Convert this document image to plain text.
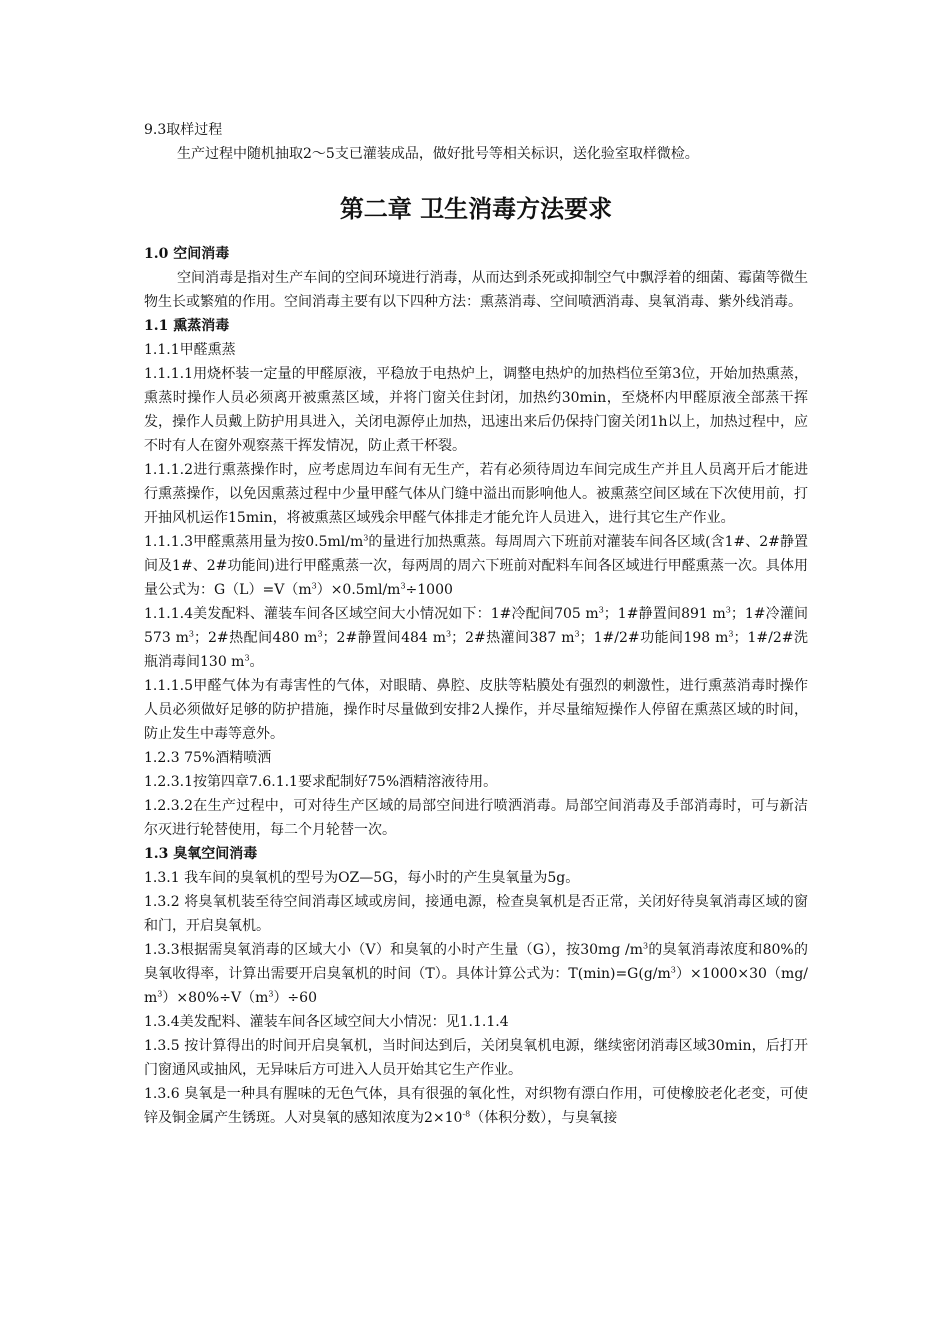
9.3取样过程

生产过程中随机抽取2～5支已灌装成品，做好批号等相关标识，送化验室取样微检。

第二章 卫生消毒方法要求

1.0 空间消毒

空间消毒是指对生产车间的空间环境进行消毒，从而达到杀死或抑制空气中飘浮着的细菌、霉菌等微生物生长或繁殖的作用。空间消毒主要有以下四种方法：熏蒸消毒、空间喷洒消毒、臭氧消毒、紫外线消毒。

1.1 熏蒸消毒

1.1.1甲醛熏蒸

1.1.1.1用烧杯装一定量的甲醛原液，平稳放于电热炉上，调整电热炉的加热档位至第3位，开始加热熏蒸，熏蒸时操作人员必须离开被熏蒸区域，并将门窗关住封闭，加热约30min，至烧杯内甲醛原液全部蒸干挥发，操作人员戴上防护用具进入，关闭电源停止加热，迅速出来后仍保持门窗关闭1h以上，加热过程中，应不时有人在窗外观察蒸干挥发情况，防止煮干杯裂。

1.1.1.2进行熏蒸操作时，应考虑周边车间有无生产，若有必须待周边车间完成生产并且人员离开后才能进行熏蒸操作，以免因熏蒸过程中少量甲醛气体从门缝中溢出而影响他人。被熏蒸空间区域在下次使用前，打开抽风机运作15min，将被熏蒸区域残余甲醛气体排走才能允许人员进入，进行其它生产作业。

1.1.1.3甲醛熏蒸用量为按$0.5ml/m^3$的量进行加热熏蒸。每周周六下班前对灌装车间各区域(含1#、2#静置间及1#、2#功能间)进行甲醛熏蒸一次，每两周的周六下班前对配料车间各区域进行甲醛熏蒸一次。具体用量公式为：$G(L)=V(m^3)\times 0.5ml/m^3\div 1000$

1.1.1.4美发配料、灌装车间各区域空间大小情况如下：1#冷配间705 $m^3$；1#静置间891 $m^3$；1#冷灌间573 $m^3$；2#热配间480 $m^3$；2#静置间484 $m^3$；2#热灌间387 $m^3$；1#/2#功能间198 $m^3$；1#/2#洗瓶消毒间130 $m^3$。

1.1.1.5甲醛气体为有毒害性的气体，对眼睛、鼻腔、皮肤等粘膜处有强烈的刺激性，进行熏蒸消毒时操作人员必须做好足够的防护措施，操作时尽量做到安排2人操作，并尽量缩短操作人停留在熏蒸区域的时间，防止发生中毒等意外。

1.2.3 75%酒精喷洒

1.2.3.1按第四章7.6.1.1要求配制好75%酒精溶液待用。

1.2.3.2在生产过程中，可对待生产区域的局部空间进行喷洒消毒。局部空间消毒及手部消毒时，可与新洁尔灭进行轮替使用，每二个月轮替一次。

1.3 臭氧空间消毒

1.3.1 我车间的臭氧机的型号为OZ—5G，每小时的产生臭氧量为5g。

1.3.2 将臭氧机装至待空间消毒区域或房间，接通电源，检查臭氧机是否正常，关闭好待臭氧消毒区域的窗和门，开启臭氧机。

1.3.3根据需臭氧消毒的区域大小（V）和臭氧的小时产生量（G），按30mg $/m^3$的臭氧消毒浓度和80%的臭氧收得率，计算出需要开启臭氧机的时间（T）。具体计算公式为：$T(\min)=G(g/m^3)\times 1000\times 30(mg/$ $m^3)\times 80\%\div V(m^3)\div 60$

1.3.4美发配料、灌装车间各区域空间大小情况：见1.1.1.4

1.3.5 按计算得出的时间开启臭氧机，当时间达到后，关闭臭氧机电源，继续密闭消毒区域30min，后打开门窗通风或抽风，无异味后方可进入人员开始其它生产作业。

1.3.6 臭氧是一种具有腥味的无色气体，具有很强的氧化性，对织物有漂白作用，可使橡胶老化老变，可使锌及铜金属产生锈斑。人对臭氧的感知浓度为$2\times 10^{-8}$（体积分数），与臭氧接
